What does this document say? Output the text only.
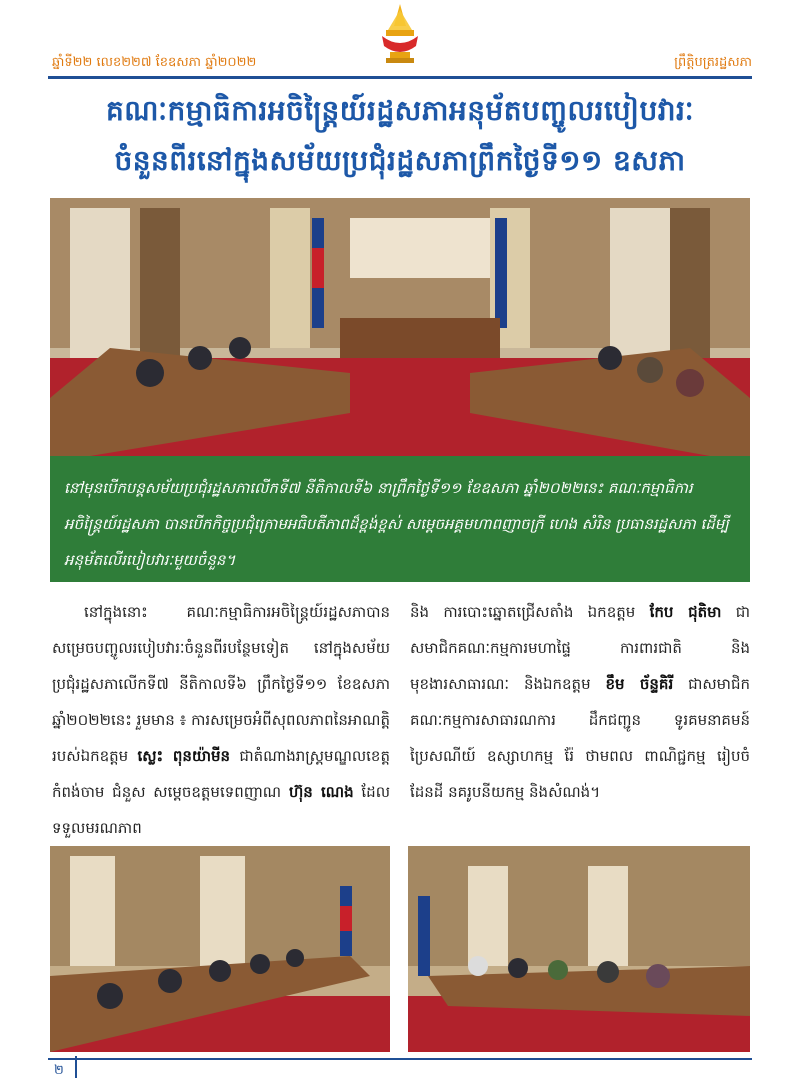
ឆ្នាំទី២២ លេខ២២៧ ខែឧសភា ឆ្នាំ២០២២	ព្រឹត្តិបត្ររដ្ឋសភា
គណៈកម្មាធិការអចិន្ត្រៃយ៍រដ្ឋសភាអនុម័តបញ្ចូលរបៀបវារៈ
ចំនួនពីរនៅក្នុងសម័យប្រជុំរដ្ឋសភាព្រឹកថ្ងៃទី១១ ឧសភា

នៅមុនបើកបន្តសម័យប្រជុំរដ្ឋសភាលើកទី៧ នីតិកាលទី៦ នាព្រឹកថ្ងៃទី១១ ខែឧសភា ឆ្នាំ២០២២នេះ គណៈកម្មាធិការអចិន្ត្រៃយ៍រដ្ឋសភា បានបើកកិច្ចប្រជុំក្រោមអធិបតីភាពដ៏ខ្ពង់ខ្ពស់ សម្តេចអគ្គមហាពញាចក្រី ហេង សំរិន ប្រធានរដ្ឋសភា ដើម្បីអនុម័តលើរបៀបវារៈមួយចំនួន។

នៅក្នុងនោះ គណៈកម្មាធិការអចិន្ត្រៃយ៍រដ្ឋសភាបានសម្រេចបញ្ចូលរបៀបវារៈចំនួនពីរបន្ថែមទៀត នៅក្នុងសម័យប្រជុំរដ្ឋសភាលើកទី៧ នីតិកាលទី៦ ព្រឹកថ្ងៃទី១១ ខែឧសភា ឆ្នាំ២០២២នេះ រួមមាន ៖ ការសម្រេចអំពីសុពលភាពនៃអាណត្តិរបស់ឯកឧត្តម ស្លេះ ពុនយ៉ាមីន ជាតំណាងរាស្ត្រមណ្ឌលខេត្តកំពង់ចាម ជំនួស សម្តេចឧត្តមទេពញាណ ហ៊ុន ណេង ដែលទទួលមរណភាព

និង ការបោះឆ្នោតជ្រើសតាំង ឯកឧត្តម កែប ជុតិមា ជាសមាជិកគណៈកម្មការមហាផ្ទៃ ការពារជាតិ និងមុខងារសាធារណៈ និងឯកឧត្តម ខឹម ច័ន្ទគិរី ជាសមាជិកគណៈកម្មការសាធារណការ ដឹកជញ្ជូន ទូរគមនាគមន៍ ប្រៃសណីយ៍ ឧស្សាហកម្ម រ៉ែ ថាមពល ពាណិជ្ជកម្ម រៀបចំដែនដី នគរូបនីយកម្ម និងសំណង់។

២
